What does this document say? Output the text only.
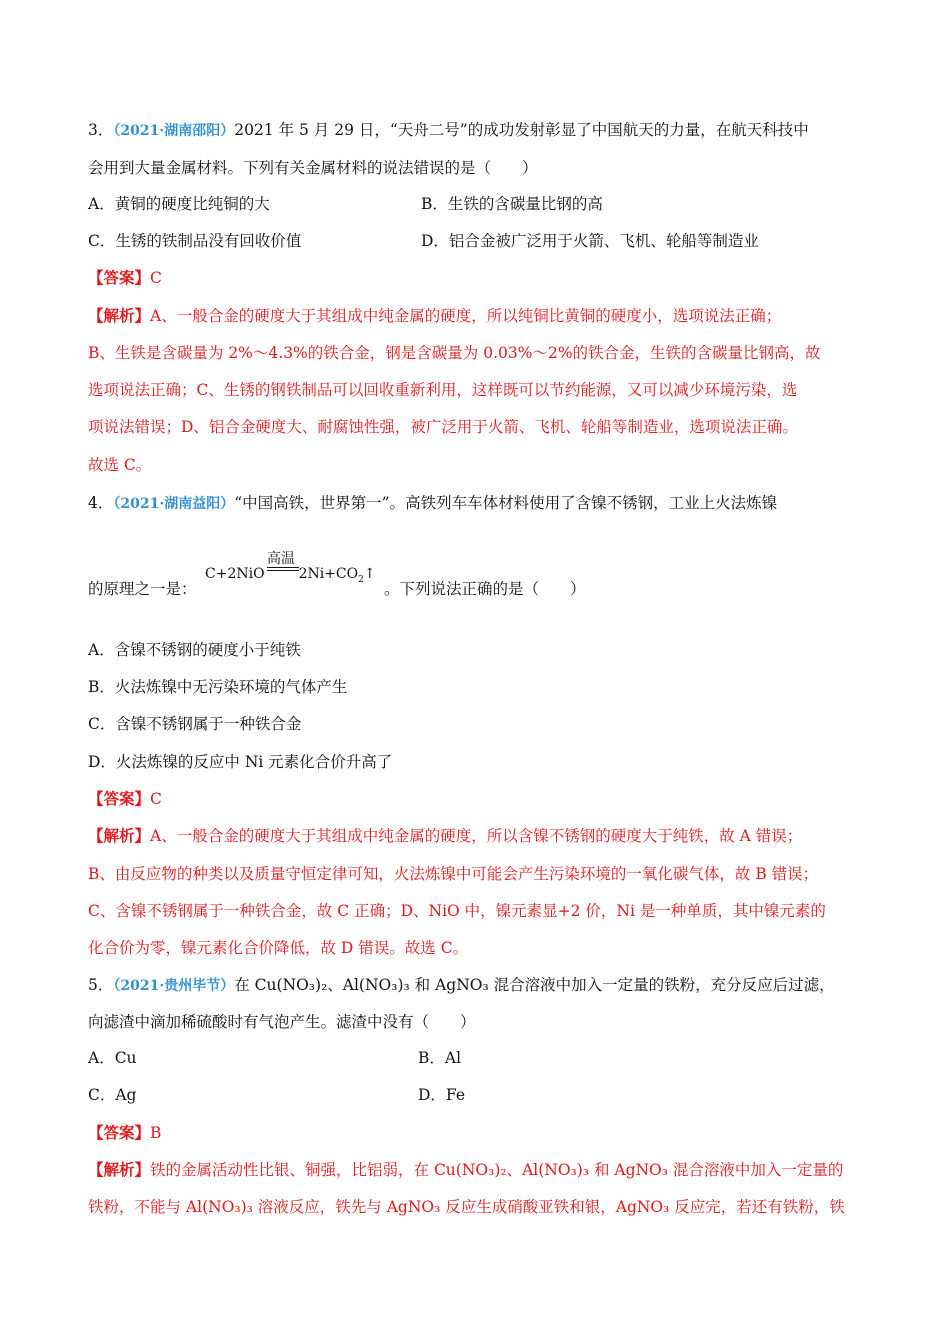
3．（2021·湖南邵阳）2021 年 5 月 29 日，“天舟二号”的成功发射彰显了中国航天的力量，在航天科技中
会用到大量金属材料。下列有关金属材料的说法错误的是（　　）
A．黄铜的硬度比纯铜的大	B．生铁的含碳量比钢的高
C．生锈的铁制品没有回收价值	D．铝合金被广泛用于火箭、飞机、轮船等制造业
【答案】C
【解析】A、一般合金的硬度大于其组成中纯金属的硬度，所以纯铜比黄铜的硬度小，选项说法正确；
B、生铁是含碳量为 2%～4.3%的铁合金，钢是含碳量为 0.03%～2%的铁合金，生铁的含碳量比钢高，故
选项说法正确；C、生锈的钢铁制品可以回收重新利用，这样既可以节约能源，又可以减少环境污染，选
项说法错误；D、铝合金硬度大、耐腐蚀性强，被广泛用于火箭、飞机、轮船等制造业，选项说法正确。
故选 C。
4．（2021·湖南益阳）“中国高铁，世界第一”。高铁列车车体材料使用了含镍不锈钢，工业上火法炼镍
的原理之一是：
高温
C+2NiO $2Ni+CO_2↑$
。下列说法正确的是（　　）
A．含镍不锈钢的硬度小于纯铁
B．火法炼镍中无污染环境的气体产生
C．含镍不锈钢属于一种铁合金
D．火法炼镍的反应中 Ni 元素化合价升高了
【答案】C
【解析】A、一般合金的硬度大于其组成中纯金属的硬度，所以含镍不锈钢的硬度大于纯铁，故 A 错误；
B、由反应物的种类以及质量守恒定律可知，火法炼镍中可能会产生污染环境的一氧化碳气体，故 B 错误；
C、含镍不锈钢属于一种铁合金，故 C 正确；D、NiO 中，镍元素显+2 价，Ni 是一种单质，其中镍元素的
化合价为零，镍元素化合价降低，故 D 错误。故选 C。
5．（2021·贵州毕节）在 Cu(NO₃)₂、Al(NO₃)₃ 和 AgNO₃ 混合溶液中加入一定量的铁粉，充分反应后过滤，
向滤渣中滴加稀硫酸时有气泡产生。滤渣中没有（　　）
A．Cu	B．Al
C．Ag	D．Fe
【答案】B
【解析】铁的金属活动性比银、铜强，比铝弱，在 Cu(NO₃)₂、Al(NO₃)₃ 和 AgNO₃ 混合溶液中加入一定量的
铁粉，不能与 Al(NO₃)₃ 溶液反应，铁先与 AgNO₃ 反应生成硝酸亚铁和银，AgNO₃ 反应完，若还有铁粉，铁
